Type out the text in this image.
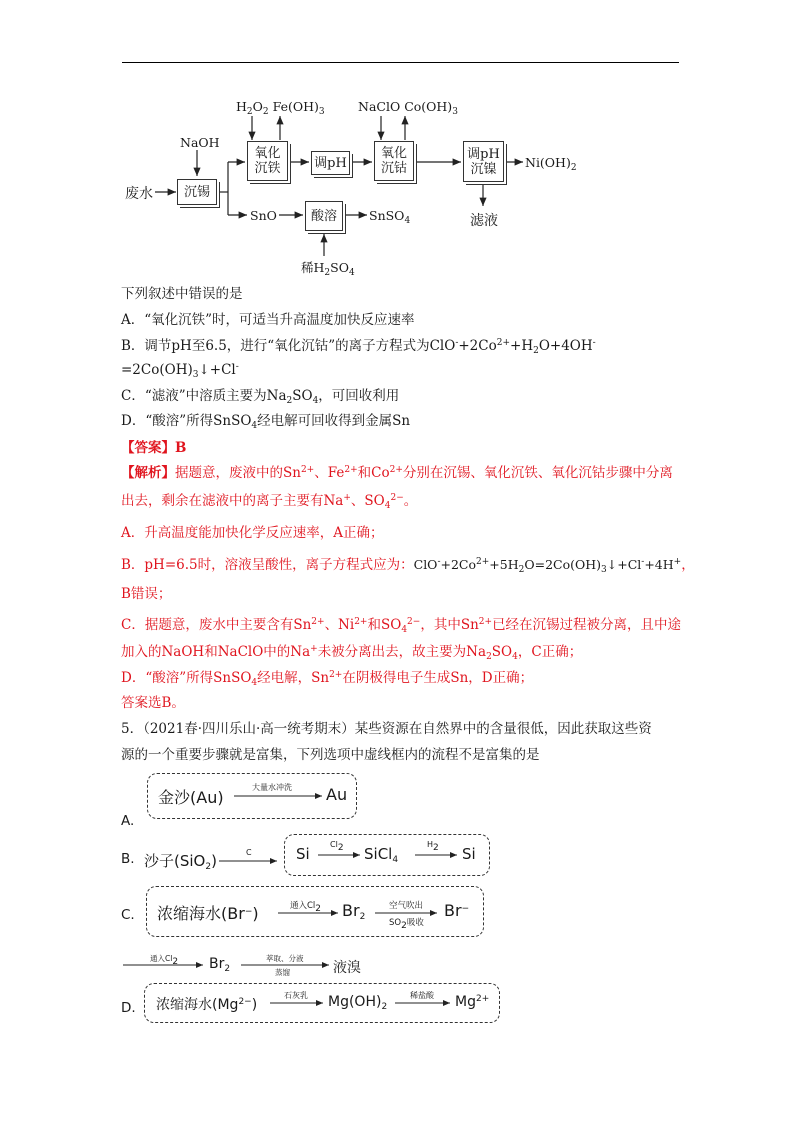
NaOH
废水
$H_2O_2$ $Fe(OH)_3$	NaClO $Co(OH)_3$
沉锡
氧化
沉铁	调pH
氧化
沉钴
调pH
沉镍
酸溶
$Ni(OH)_2$
滤液
SnO	SnSO$_4$
稀$H_2SO_4$
下列叙述中错误的是
A．“氧化沉铁”时，可适当升高温度加快反应速率
B．调节pH至6.5，进行“氧化沉钴”的离子方程式为$ClO^-+2Co^{2+}+H_2O+4OH^-$
$=2Co(OH)_3↓+Cl^-$
C．“滤液”中溶质主要为$Na_2SO_4$，可回收利用
D．“酸溶”所得SnSO$_4$经电解可回收得到金属Sn
【答案】B
【解析】据题意，废液中的$Sn^{2+}$、$Fe^{2+}$和$Co^{2+}$分别在沉锡、氧化沉铁、氧化沉钴步骤中分离
出去，剩余在滤液中的离子主要有Na+、$SO_4^{2-}$。
A．升高温度能加快化学反应速率，A正确；
B．pH=6.5时，溶液呈酸性，离子方程式应为：$ClO^-+2Co^{2+}+5H_2O=2Co(OH)_3↓+Cl^-+4H^+$，
B错误；
C．据题意，废水中主要含有$Sn^{2+}$、$Ni^{2+}$和$SO_4^{2-}$，其中$Sn^{2+}$已经在沉锡过程被分离，且中途
加入的NaOH和NaClO中的Na+未被分离出去，故主要为$Na_2SO_4$，C正确；
D．“酸溶”所得SnSO$_4$经电解，$Sn^{2+}$在阴极得电子生成Sn，D正确；
答案选B。
5．（2021春·四川乐山·高一统考期末）某些资源在自然界中的含量很低，因此获取这些资
源的一个重要步骤就是富集，下列选项中虚线框内的流程不是富集的是
A.
金沙(Au)
大量水冲洗 Au
B. 沙子(SiO$_2$)	C	Si
$Cl_2$ SiCl$_4$
$H_2$ Si
C. 浓缩海水(Br−)	通入$Cl_2$ $Br_2$
空气吹出
$SO_2$吸收
Br−
通入$Cl_2$ $Br_2$
萃取、分液
蒸馏	液溴
D. 浓缩海水$(Mg^{2-})$
石灰乳 $Mg(OH)_2$
稀盐酸 $Mg^{2+}$
